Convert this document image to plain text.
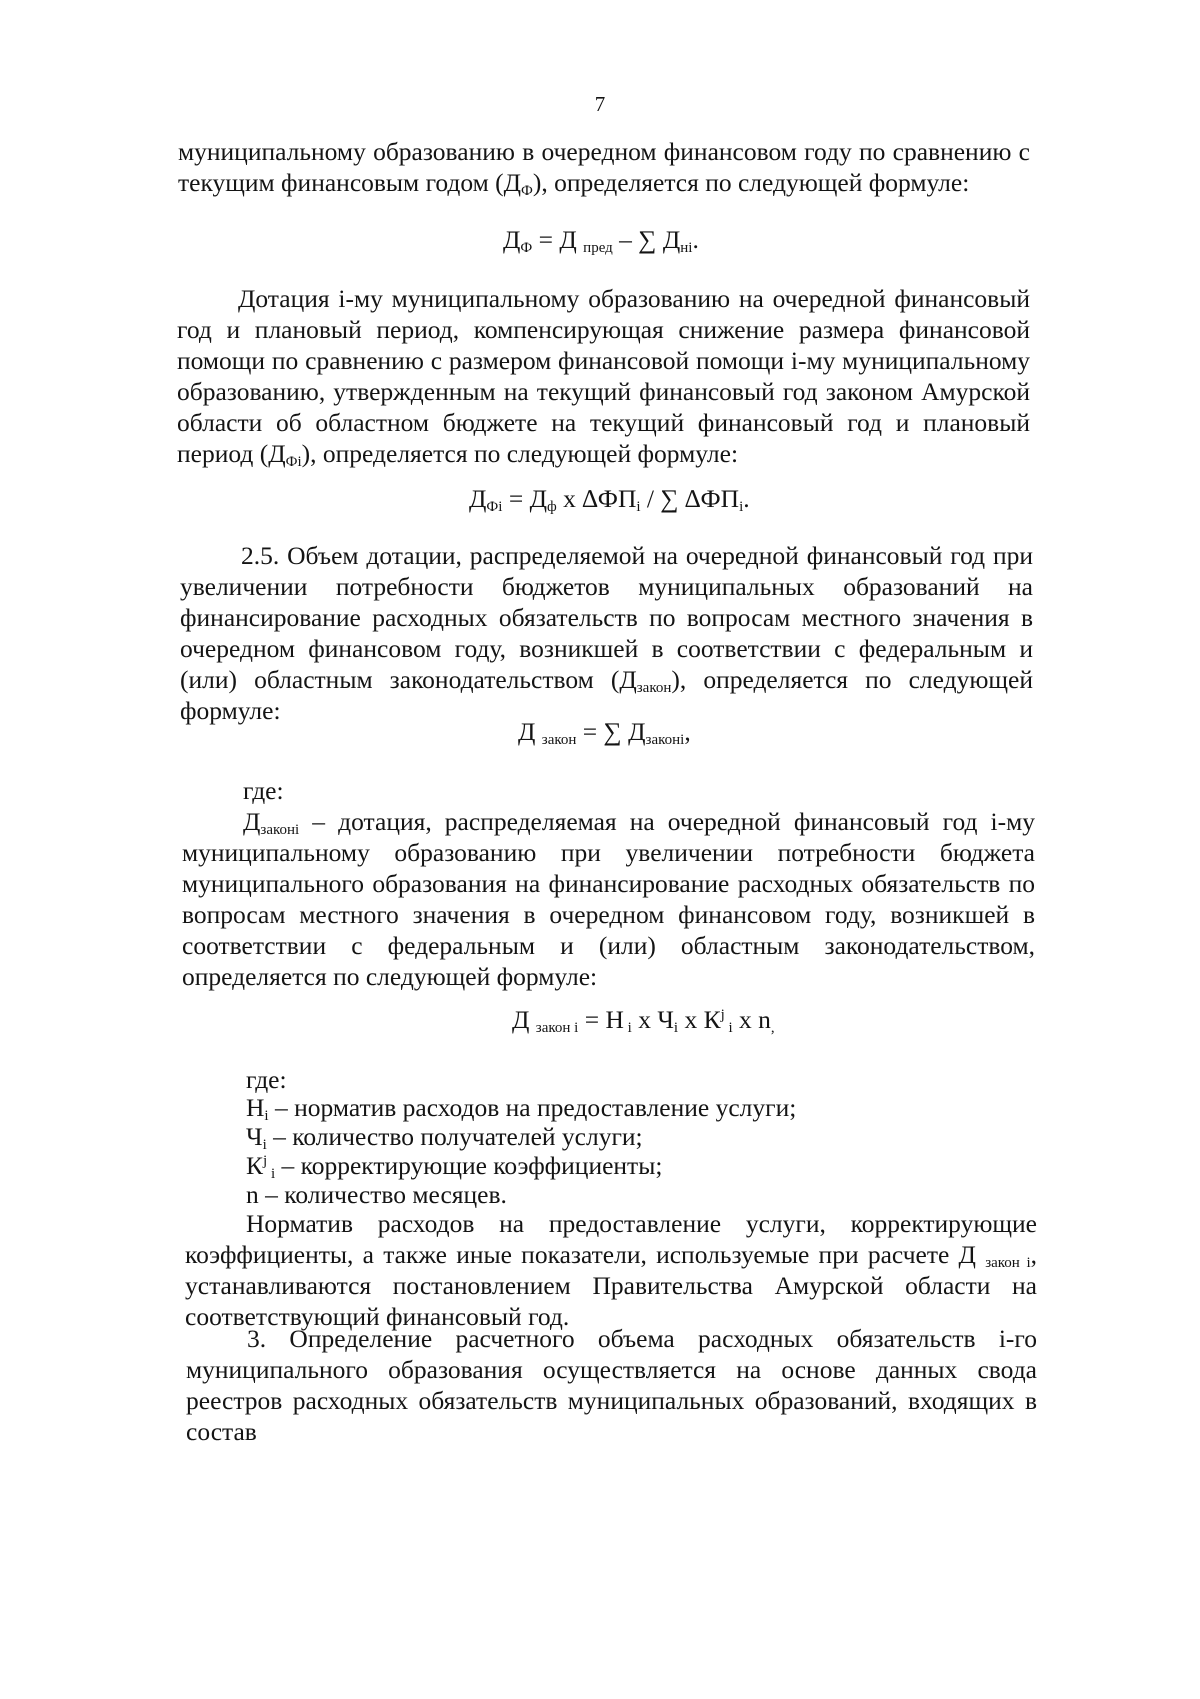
7

муниципальному образованию в очередном финансовом году по сравнению с текущим финансовым годом $(Д_Ф)$, определяется по следующей формуле:

$Д_Ф = Д$ $_{пред}$ – ∑ $Д_{нi}$.

Дотация i-му муниципальному образованию на очередной финансовый год и плановый период, компенсирующая снижение размера финансовой помощи по сравнению с размером финансовой помощи i-му муниципальному образованию, утвержденным на текущий финансовый год законом Амурской области об областном бюджете на текущий финансовый год и плановый период $(Д_{Фi})$, определяется по следующей формуле:

$Д_{Фi} = Д_ф$ х $\Delta ФП_i$ / ∑ $\Delta ФП_i$.

2.5. Объем дотации, распределяемой на очередной финансовый год при увеличении потребности бюджетов муниципальных образований на финансирование расходных обязательств по вопросам местного значения в очередном финансовом году, возникшей в соответствии с федеральным и (или) областным законодательством $(Д_{закон})$, определяется по следующей формуле:

Д $_{закон}$ = ∑ $Д_{законi}$,

где:

$Д_{законi}$ – дотация, распределяемая на очередной финансовый год i-му муниципальному образованию при увеличении потребности бюджета муниципального образования на финансирование расходных обязательств по вопросам местного значения в очередном финансовом году, возникшей в соответствии с федеральным и (или) областным законодательством, определяется по следующей формуле:

Д $_{закон i}$ = Н $_i$ х $Ч_i$ х $К^j$ $_i$ х $n_,$

где:

$Н_i$ – норматив расходов на предоставление услуги;

$Ч_i$ – количество получателей услуги;

$К^j$ $_i$ – корректирующие коэффициенты;

n – количество месяцев.

Норматив расходов на предоставление услуги, корректирующие коэффициенты, а также иные показатели, используемые при расчете Д $_{закон i}$, устанавливаются постановлением Правительства Амурской области на соответствующий финансовый год.

3. Определение расчетного объема расходных обязательств i-го муниципального образования осуществляется на основе данных свода реестров расходных обязательств муниципальных образований, входящих в состав
